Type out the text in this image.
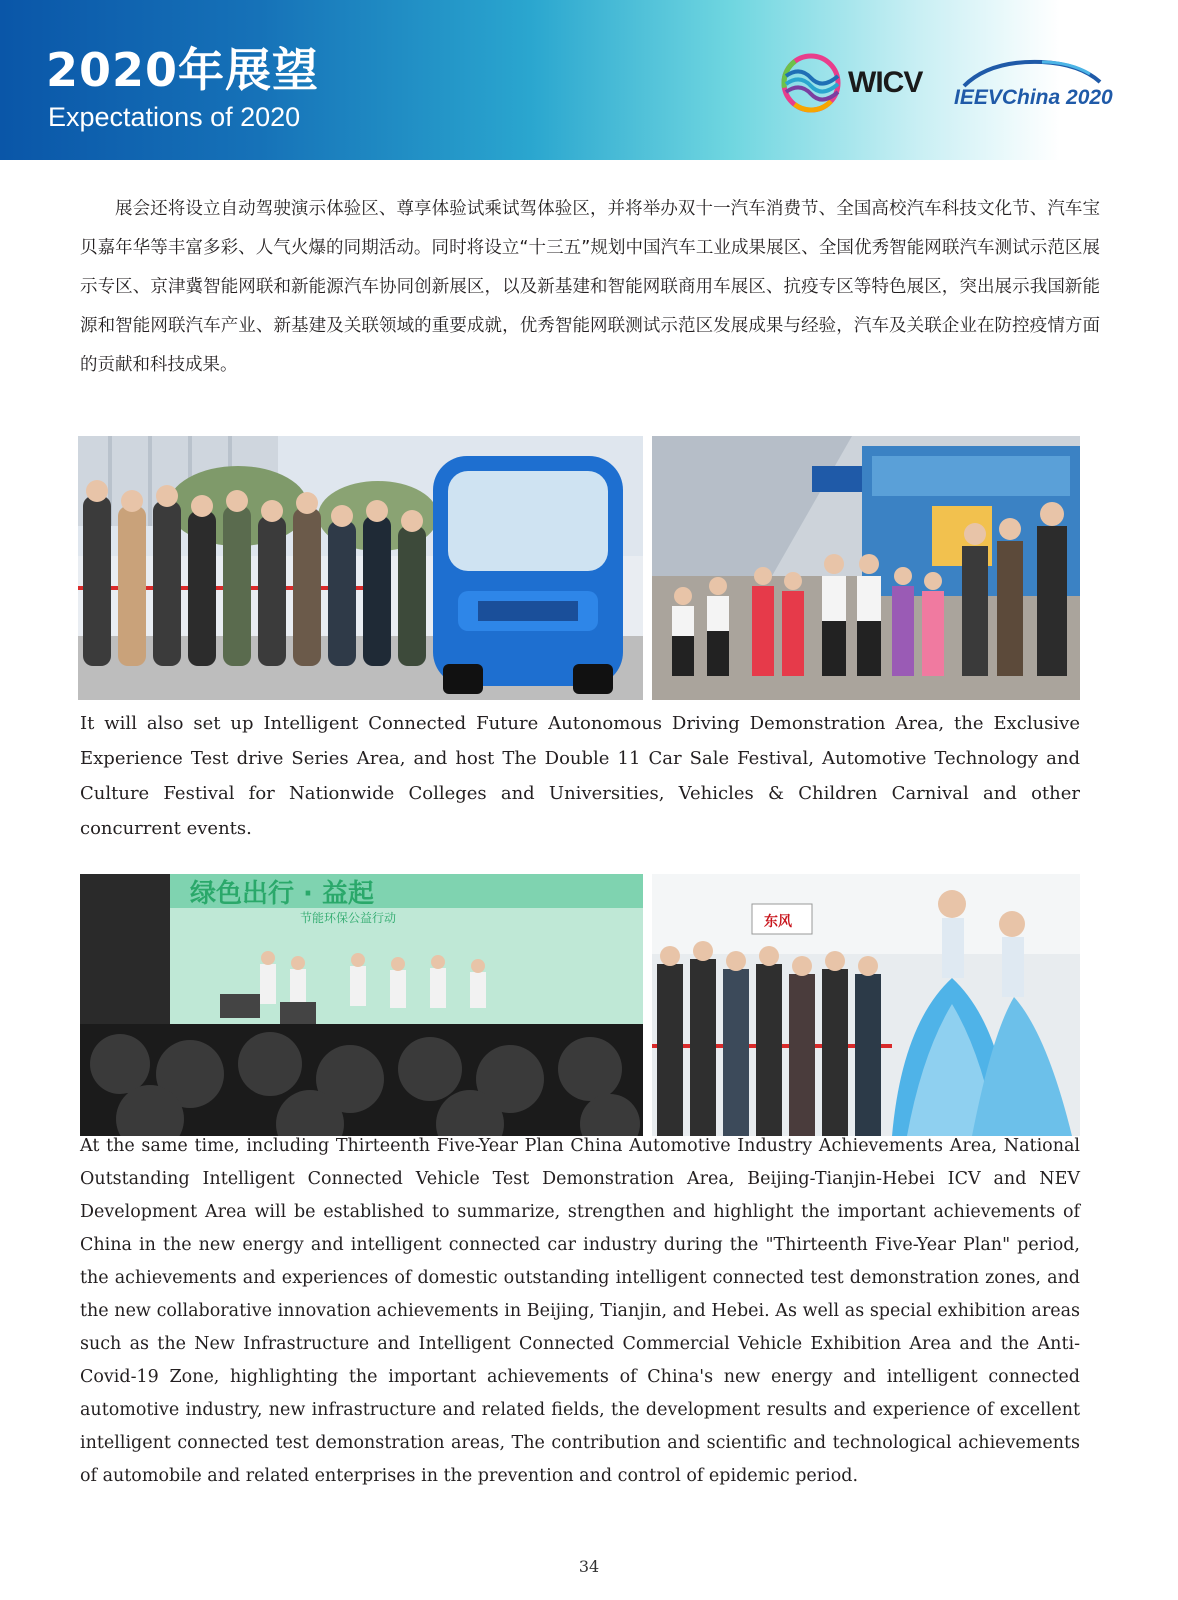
2020年展望
Expectations of 2020
WICV IEEVChina 2020

展会还将设立自动驾驶演示体验区、尊享体验试乘试驾体验区，并将举办双十一汽车消费节、全国高校汽车科技文化节、汽车宝贝嘉年华等丰富多彩、人气火爆的同期活动。同时将设立“十三五”规划中国汽车工业成果展区、全国优秀智能网联汽车测试示范区展示专区、京津冀智能网联和新能源汽车协同创新展区，以及新基建和智能网联商用车展区、抗疫专区等特色展区，突出展示我国新能源和智能网联汽车产业、新基建及关联领域的重要成就，优秀智能网联测试示范区发展成果与经验，汽车及关联企业在防控疫情方面的贡献和科技成果。

It will also set up Intelligent Connected Future Autonomous Driving Demonstration Area, the Exclusive Experience Test drive Series Area, and host The Double 11 Car Sale Festival, Automotive Technology and Culture Festival for Nationwide Colleges and Universities, Vehicles & Children Carnival and other concurrent events.

绿色出行 · 益起
节能环保公益行动	东风

At the same time, including Thirteenth Five-Year Plan China Automotive Industry Achievements Area, National Outstanding Intelligent Connected Vehicle Test Demonstration Area, Beijing-Tianjin-Hebei ICV and NEV Development Area will be established to summarize, strengthen and highlight the important achievements of China in the new energy and intelligent connected car industry during the "Thirteenth Five-Year Plan" period, the achievements and experiences of domestic outstanding intelligent connected test demonstration zones, and the new collaborative innovation achievements in Beijing, Tianjin, and Hebei. As well as special exhibition areas such as the New Infrastructure and Intelligent Connected Commercial Vehicle Exhibition Area and the Anti-Covid-19 Zone, highlighting the important achievements of China's new energy and intelligent connected automotive industry, new infrastructure and related fields, the development results and experience of excellent intelligent connected test demonstration areas, The contribution and scientific and technological achievements of automobile and related enterprises in the prevention and control of epidemic period.

34
